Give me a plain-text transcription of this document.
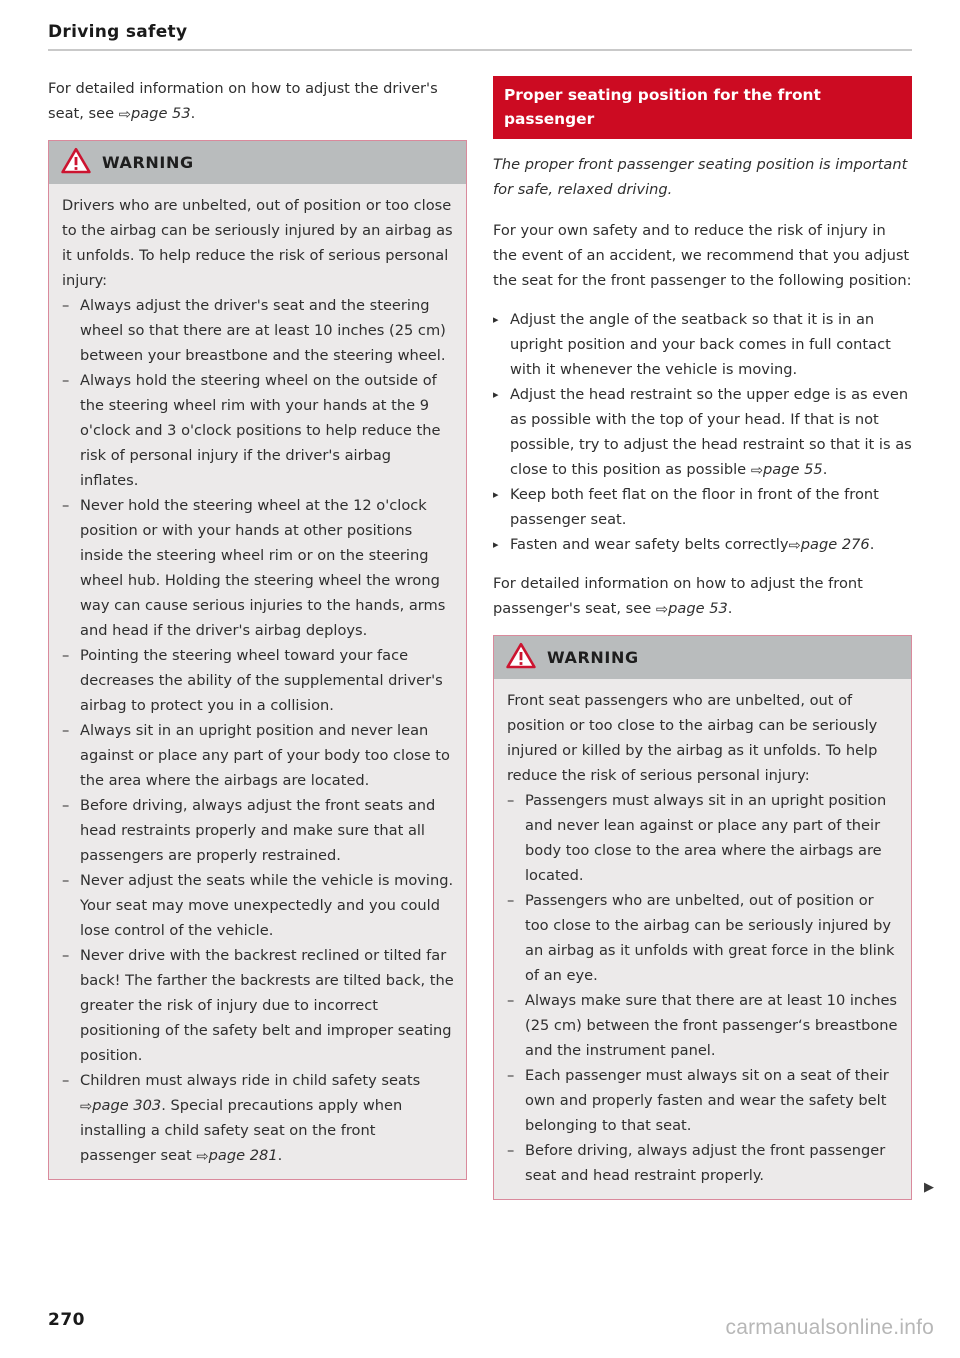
Driving safety

For detailed information on how to adjust the driver's seat, see ⇨page 53.

WARNING

Drivers who are unbelted, out of position or too close to the airbag can be seriously injured by an airbag as it unfolds. To help reduce the risk of serious personal injury:

– Always adjust the driver's seat and the steering wheel so that there are at least 10 inches (25 cm) between your breastbone and the steering wheel.
– Always hold the steering wheel on the outside of the steering wheel rim with your hands at the 9 o'clock and 3 o'clock positions to help reduce the risk of personal injury if the driver's airbag inflates.
– Never hold the steering wheel at the 12 o'clock position or with your hands at other positions inside the steering wheel rim or on the steering wheel hub. Holding the steering wheel the wrong way can cause serious injuries to the hands, arms and head if the driver's airbag deploys.
– Pointing the steering wheel toward your face decreases the ability of the supplemental driver's airbag to protect you in a collision.
– Always sit in an upright position and never lean against or place any part of your body too close to the area where the airbags are located.
– Before driving, always adjust the front seats and head restraints properly and make sure that all passengers are properly restrained.
– Never adjust the seats while the vehicle is moving. Your seat may move unexpectedly and you could lose control of the vehicle.
– Never drive with the backrest reclined or tilted far back! The farther the backrests are tilted back, the greater the risk of injury due to incorrect positioning of the safety belt and improper seating position.
– Children must always ride in child safety seats ⇨page 303. Special precautions apply when installing a child safety seat on the front passenger seat ⇨page 281.
Proper seating position for the front passenger

The proper front passenger seating position is important for safe, relaxed driving.

For your own safety and to reduce the risk of injury in the event of an accident, we recommend that you adjust the seat for the front passenger to the following position:

▸ Adjust the angle of the seatback so that it is in an upright position and your back comes in full contact with it whenever the vehicle is moving.
▸ Adjust the head restraint so the upper edge is as even as possible with the top of your head. If that is not possible, try to adjust the head restraint so that it is as close to this position as possible ⇨page 55.
▸ Keep both feet flat on the floor in front of the front passenger seat.
▸ Fasten and wear safety belts correctly⇨page 276.

For detailed information on how to adjust the front passenger's seat, see ⇨page 53.

WARNING

Front seat passengers who are unbelted, out of position or too close to the airbag can be seriously injured or killed by the airbag as it unfolds. To help reduce the risk of serious personal injury:

– Passengers must always sit in an upright position and never lean against or place any part of their body too close to the area where the airbags are located.
– Passengers who are unbelted, out of position or too close to the airbag can be seriously injured by an airbag as it unfolds with great force in the blink of an eye.
– Always make sure that there are at least 10 inches (25 cm) between the front passenger‘s breastbone and the instrument panel.
– Each passenger must always sit on a seat of their own and properly fasten and wear the safety belt belonging to that seat.
– Before driving, always adjust the front passenger seat and head restraint properly.
▶
270	carmanualsonline.info
